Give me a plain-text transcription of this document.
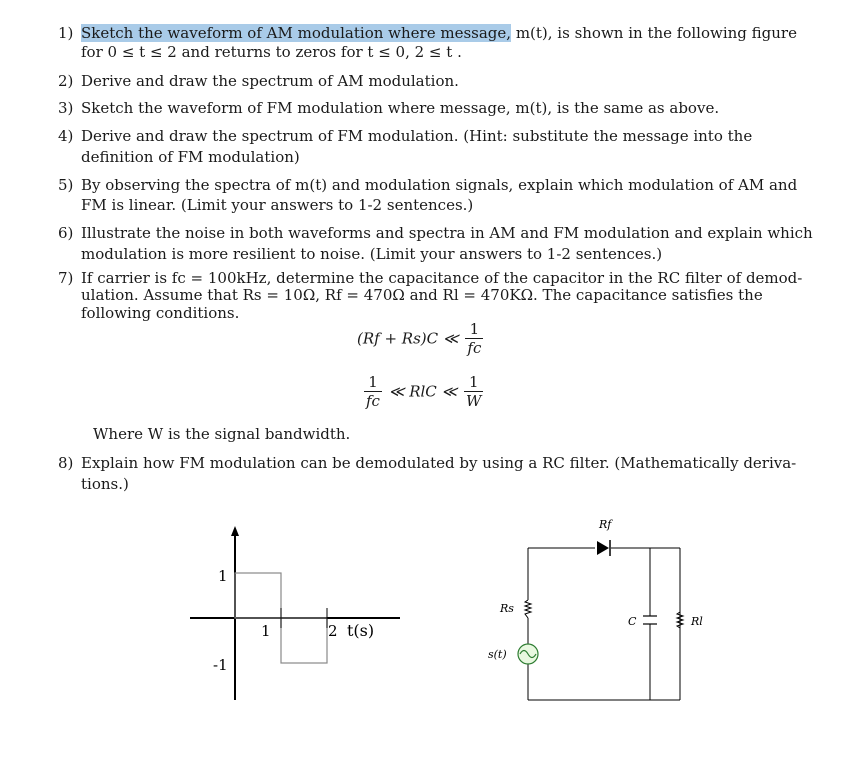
1) Sketch the waveform of AM modulation where message, m(t), is shown in the following figure
for 0 ≤ t ≤ 2 and returns to zeros for t ≤ 0, 2 ≤ t .
2) Derive and draw the spectrum of AM modulation.
3) Sketch the waveform of FM modulation where message, m(t), is the same as above.
4) Derive and draw the spectrum of FM modulation. (Hint: substitute the message into the
definition of FM modulation)
5) By observing the spectra of m(t) and modulation signals, explain which modulation of AM and
FM is linear. (Limit your answers to 1-2 sentences.)
6) Illustrate the noise in both waveforms and spectra in AM and FM modulation and explain which
modulation is more resilient to noise. (Limit your answers to 1-2 sentences.)
7) If carrier is fc = 100kHz, determine the capacitance of the capacitor in the RC filter of demod-
ulation. Assume that Rs = 10Ω, Rf = 470Ω and Rl = 470KΩ. The capacitance satisfies the
following conditions.
(Rf + Rs)C ≪ $\frac{1}{fc}$
$\frac{1}{fc}$ ≪ RlC ≪ $\frac{1}{W}$
Where W is the signal bandwidth.
8) Explain how FM modulation can be demodulated by using a RC filter. (Mathematically deriva-
tions.)
1
-1
1	2 t(s)
Rf
Rs
C	Rl
s(t)
